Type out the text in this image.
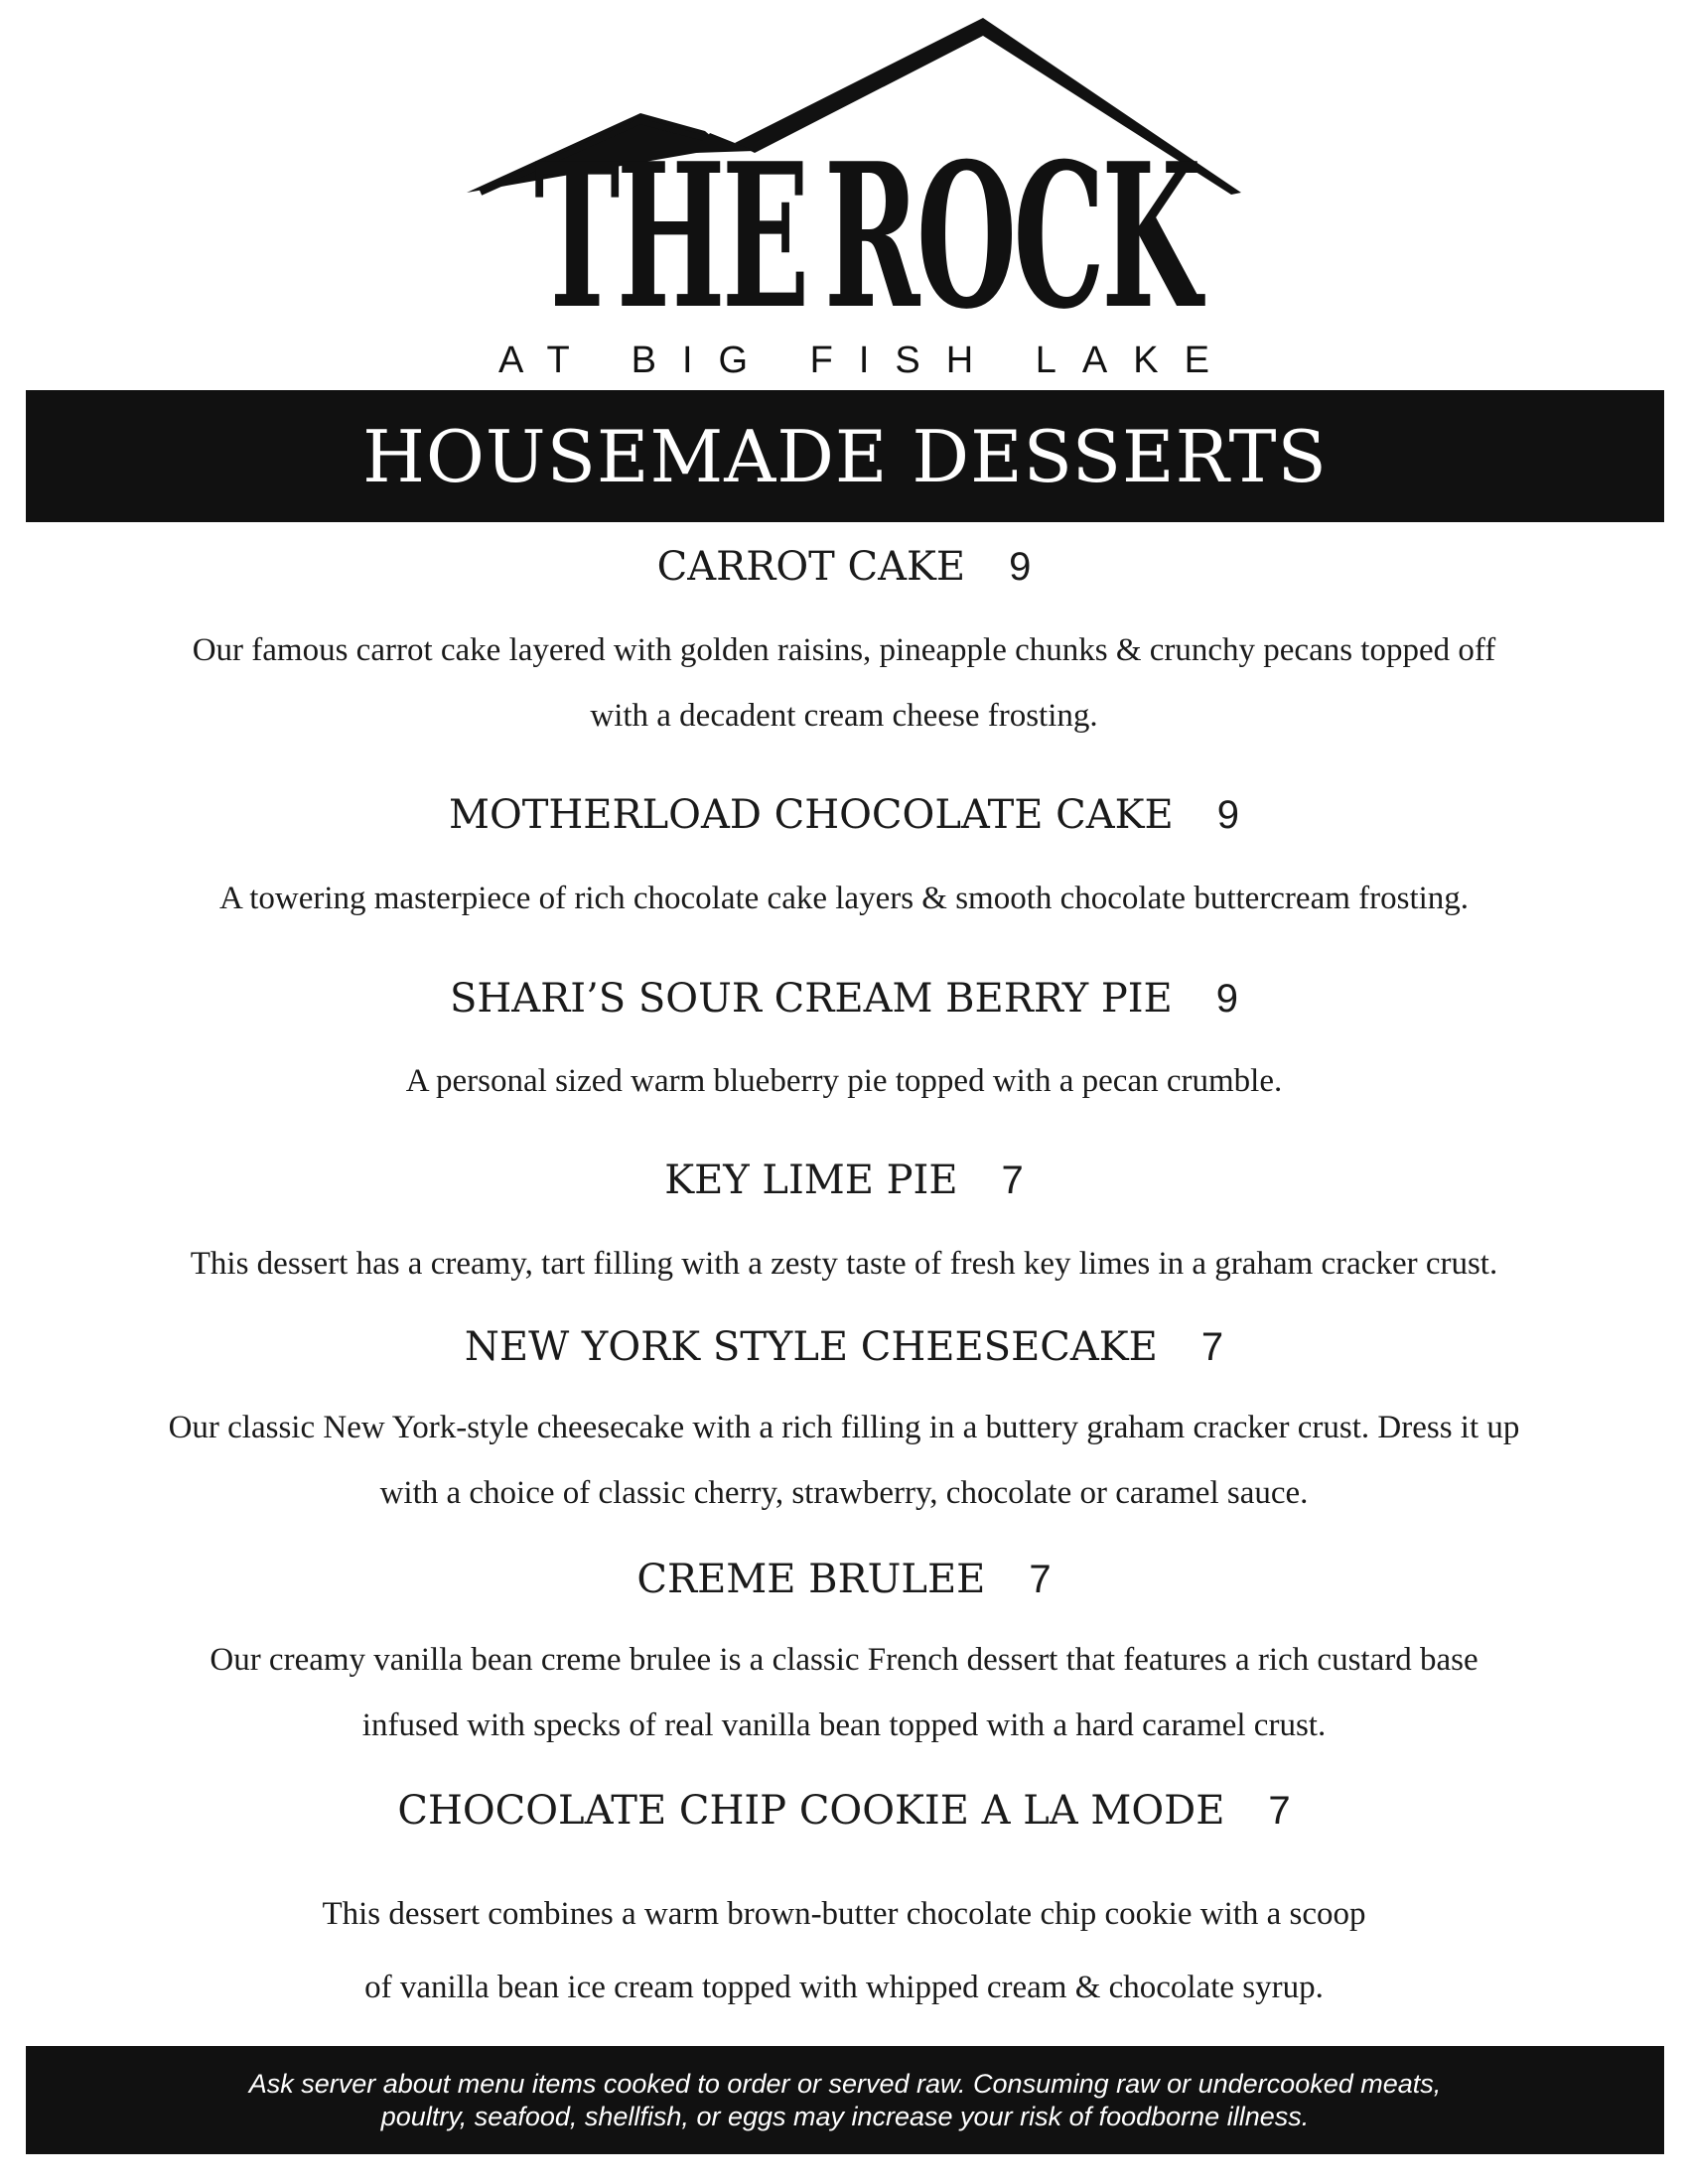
THE ROCK
AT BIG FISH LAKE
HOUSEMADE DESSERTS
CARROT CAKE 9
Our famous carrot cake layered with golden raisins, pineapple chunks & crunchy pecans topped off
with a decadent cream cheese frosting.
MOTHERLOAD CHOCOLATE CAKE 9
A towering masterpiece of rich chocolate cake layers & smooth chocolate buttercream frosting.
SHARI’S SOUR CREAM BERRY PIE 9
A personal sized warm blueberry pie topped with a pecan crumble.
KEY LIME PIE 7
This dessert has a creamy, tart filling with a zesty taste of fresh key limes in a graham cracker crust.
NEW YORK STYLE CHEESECAKE 7
Our classic New York-style cheesecake with a rich filling in a buttery graham cracker crust. Dress it up
with a choice of classic cherry, strawberry, chocolate or caramel sauce.
CREME BRULEE 7
Our creamy vanilla bean creme brulee is a classic French dessert that features a rich custard base
infused with specks of real vanilla bean topped with a hard caramel crust.
CHOCOLATE CHIP COOKIE A LA MODE 7
This dessert combines a warm brown-butter chocolate chip cookie with a scoop
of vanilla bean ice cream topped with whipped cream & chocolate syrup.
Ask server about menu items cooked to order or served raw. Consuming raw or undercooked meats,
poultry, seafood, shellfish, or eggs may increase your risk of foodborne illness.
